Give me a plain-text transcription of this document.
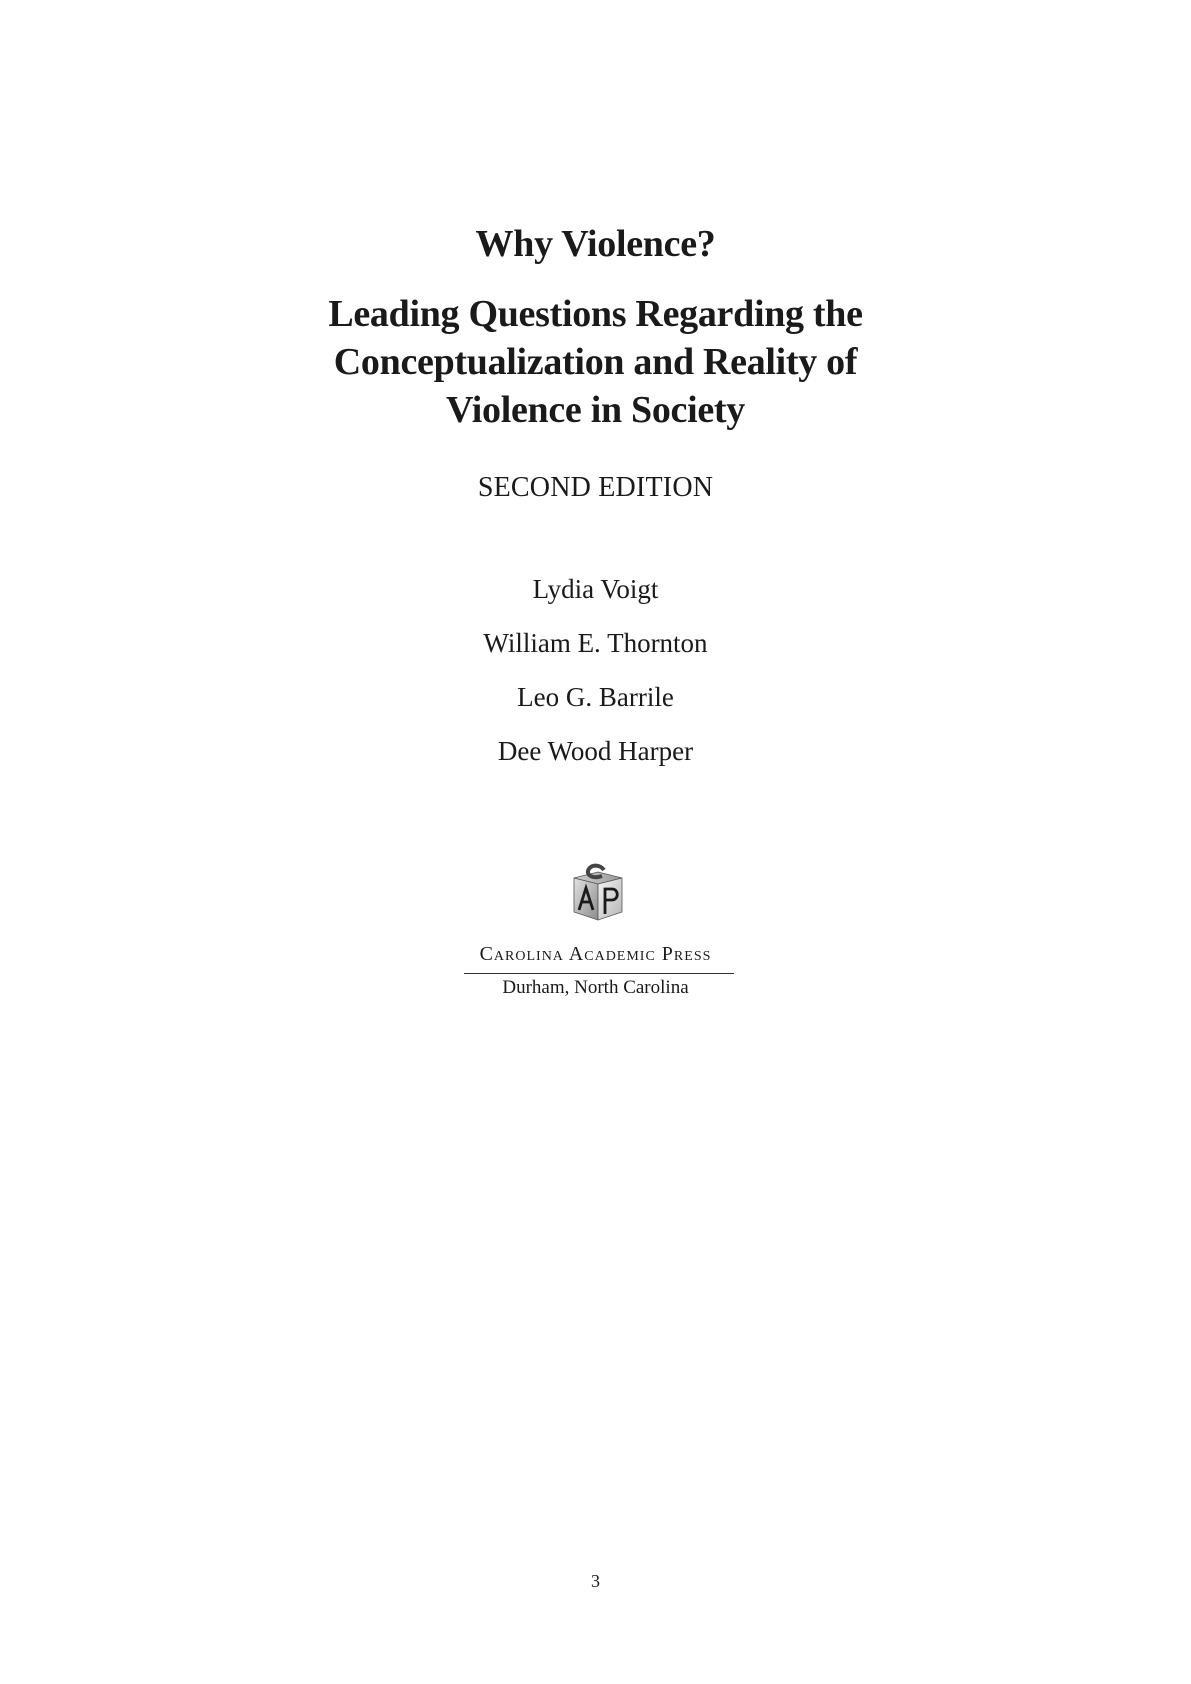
Why Violence?
Leading Questions Regarding the
Conceptualization and Reality of
Violence in Society
SECOND EDITION
Lydia Voigt
William E. Thornton
Leo G. Barrile
Dee Wood Harper
Carolina Academic Press
Durham, North Carolina
3
